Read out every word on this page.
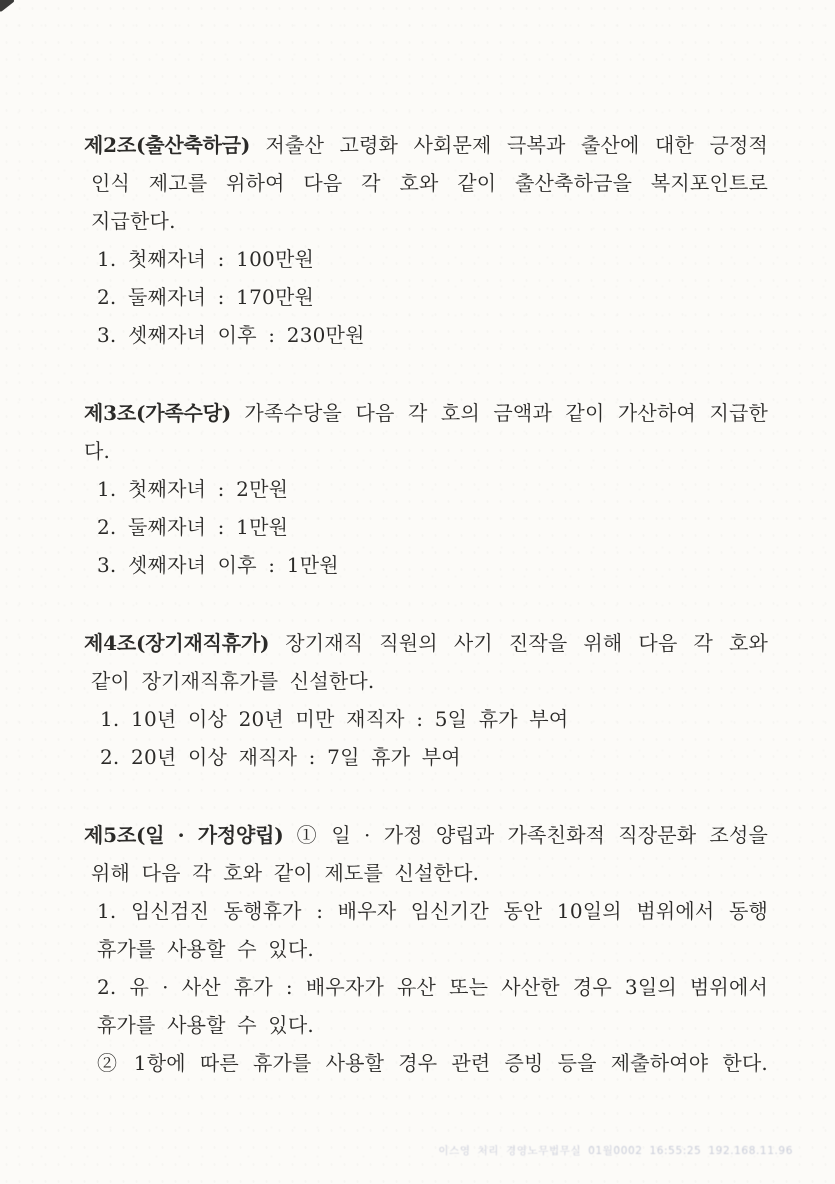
제2조(출산축하금) 저출산 고령화 사회문제 극복과 출산에 대한 긍정적
인식 제고를 위하여 다음 각 호와 같이 출산축하금을 복지포인트로
지급한다.
1. 첫째자녀 : 100만원
2. 둘째자녀 : 170만원
3. 셋째자녀 이후 : 230만원
제3조(가족수당) 가족수당을 다음 각 호의 금액과 같이 가산하여 지급한다.
1. 첫째자녀 : 2만원
2. 둘째자녀 : 1만원
3. 셋째자녀 이후 : 1만원
제4조(장기재직휴가) 장기재직 직원의 사기 진작을 위해 다음 각 호와
같이 장기재직휴가를 신설한다.
1. 10년 이상 20년 미만 재직자 : 5일 휴가 부여
2. 20년 이상 재직자 : 7일 휴가 부여
제5조(일 · 가정양립) ① 일 · 가정 양립과 가족친화적 직장문화 조성을
위해 다음 각 호와 같이 제도를 신설한다.
1. 임신검진 동행휴가 : 배우자 임신기간 동안 10일의 범위에서 동행
휴가를 사용할 수 있다.
2. 유 · 사산 휴가 : 배우자가 유산 또는 사산한 경우 3일의 범위에서
휴가를 사용할 수 있다.
② 1항에 따른 휴가를 사용할 경우 관련 증빙 등을 제출하여야 한다.
이스영 처리 경영노무법무실 01월0002 16:55:25 192.168.11.96
